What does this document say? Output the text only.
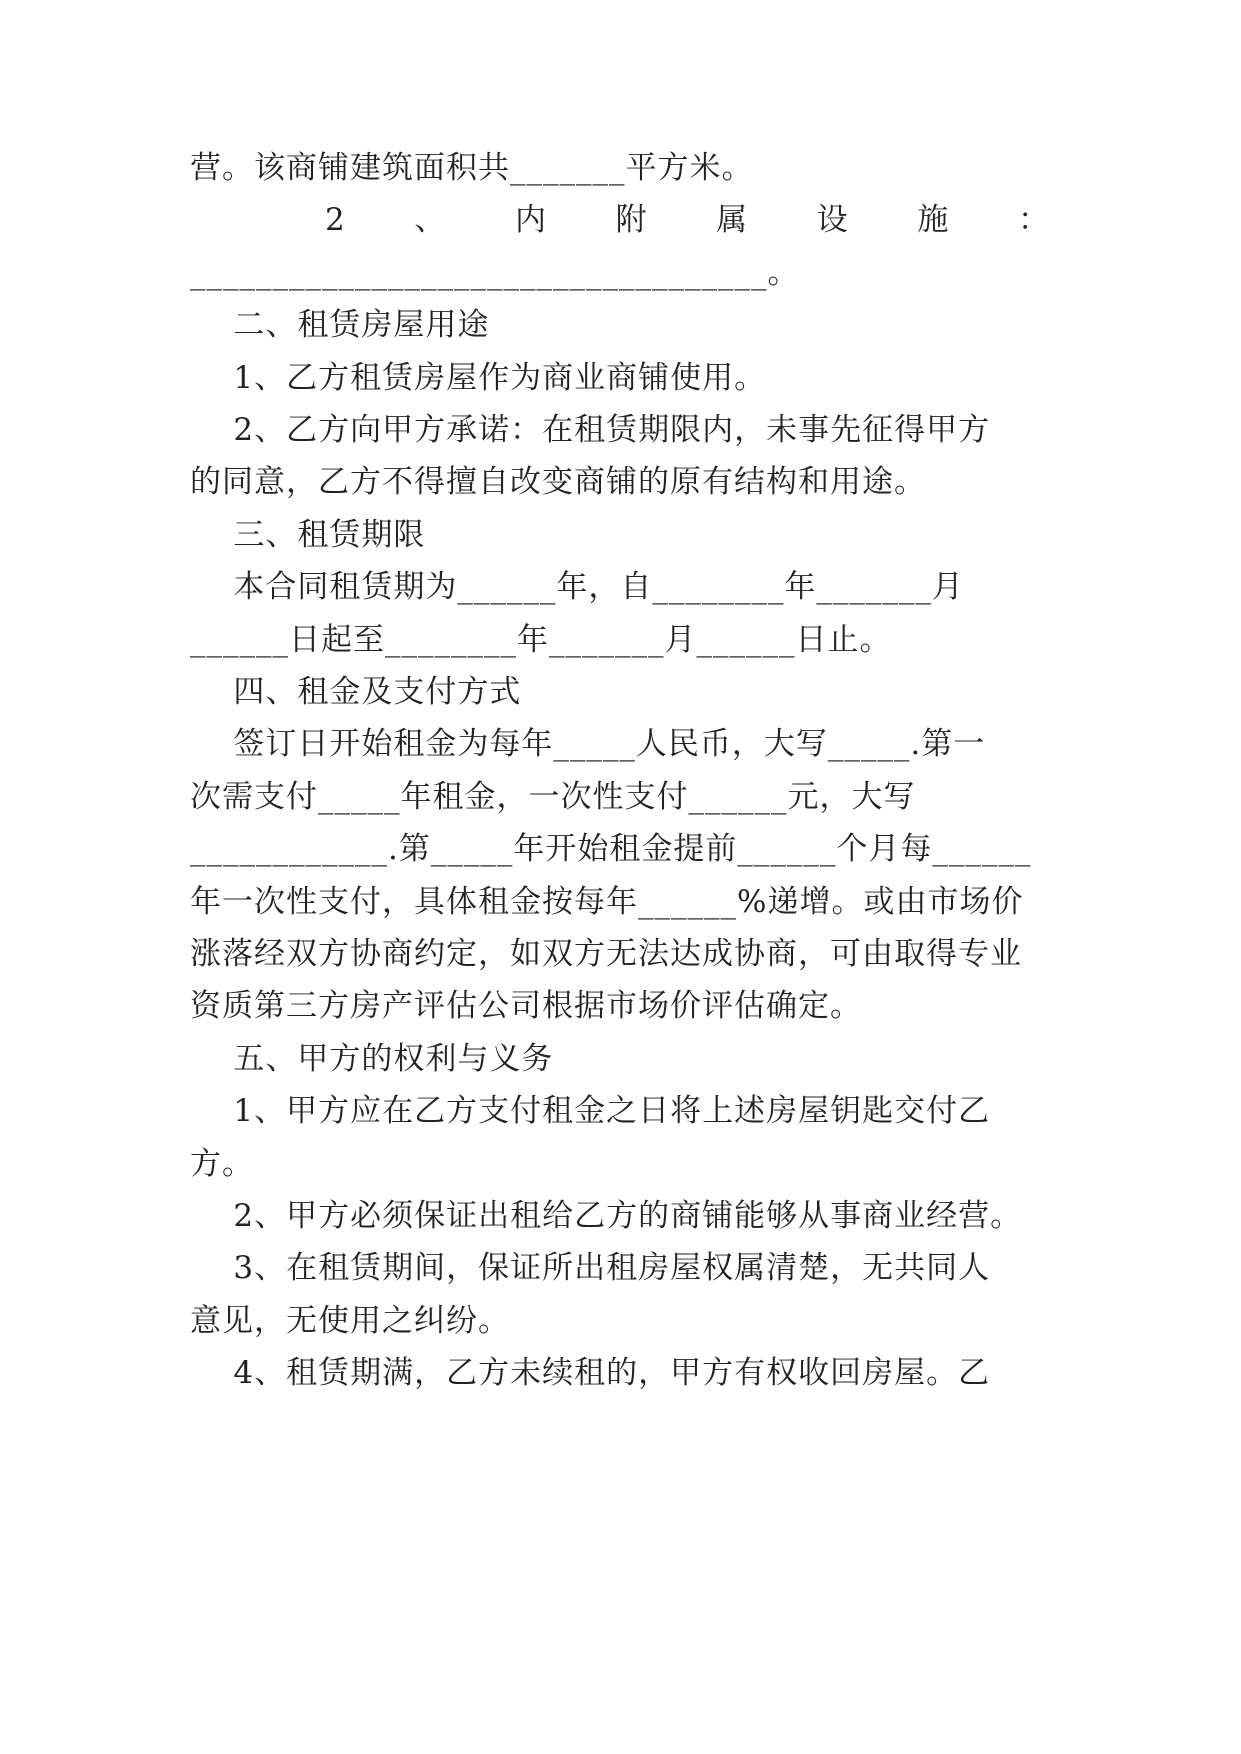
营。该商铺建筑面积共_______平方米。
2 、 内 附 属 设 施 ：
___________________________________。
二、租赁房屋用途
1、乙方租赁房屋作为商业商铺使用。
2、乙方向甲方承诺：在租赁期限内，未事先征得甲方
的同意，乙方不得擅自改变商铺的原有结构和用途。
三、租赁期限
本合同租赁期为______年，自________年_______月
______日起至________年_______月______日止。
四、租金及支付方式
签订日开始租金为每年_____人民币，大写_____.第一
次需支付_____年租金，一次性支付______元，大写
____________.第_____年开始租金提前______个月每______
年一次性支付，具体租金按每年______%递增。或由市场价
涨落经双方协商约定，如双方无法达成协商，可由取得专业
资质第三方房产评估公司根据市场价评估确定。
五、甲方的权利与义务
1、甲方应在乙方支付租金之日将上述房屋钥匙交付乙
方。
2、甲方必须保证出租给乙方的商铺能够从事商业经营。
3、在租赁期间，保证所出租房屋权属清楚，无共同人
意见，无使用之纠纷。
4、租赁期满，乙方未续租的，甲方有权收回房屋。乙
